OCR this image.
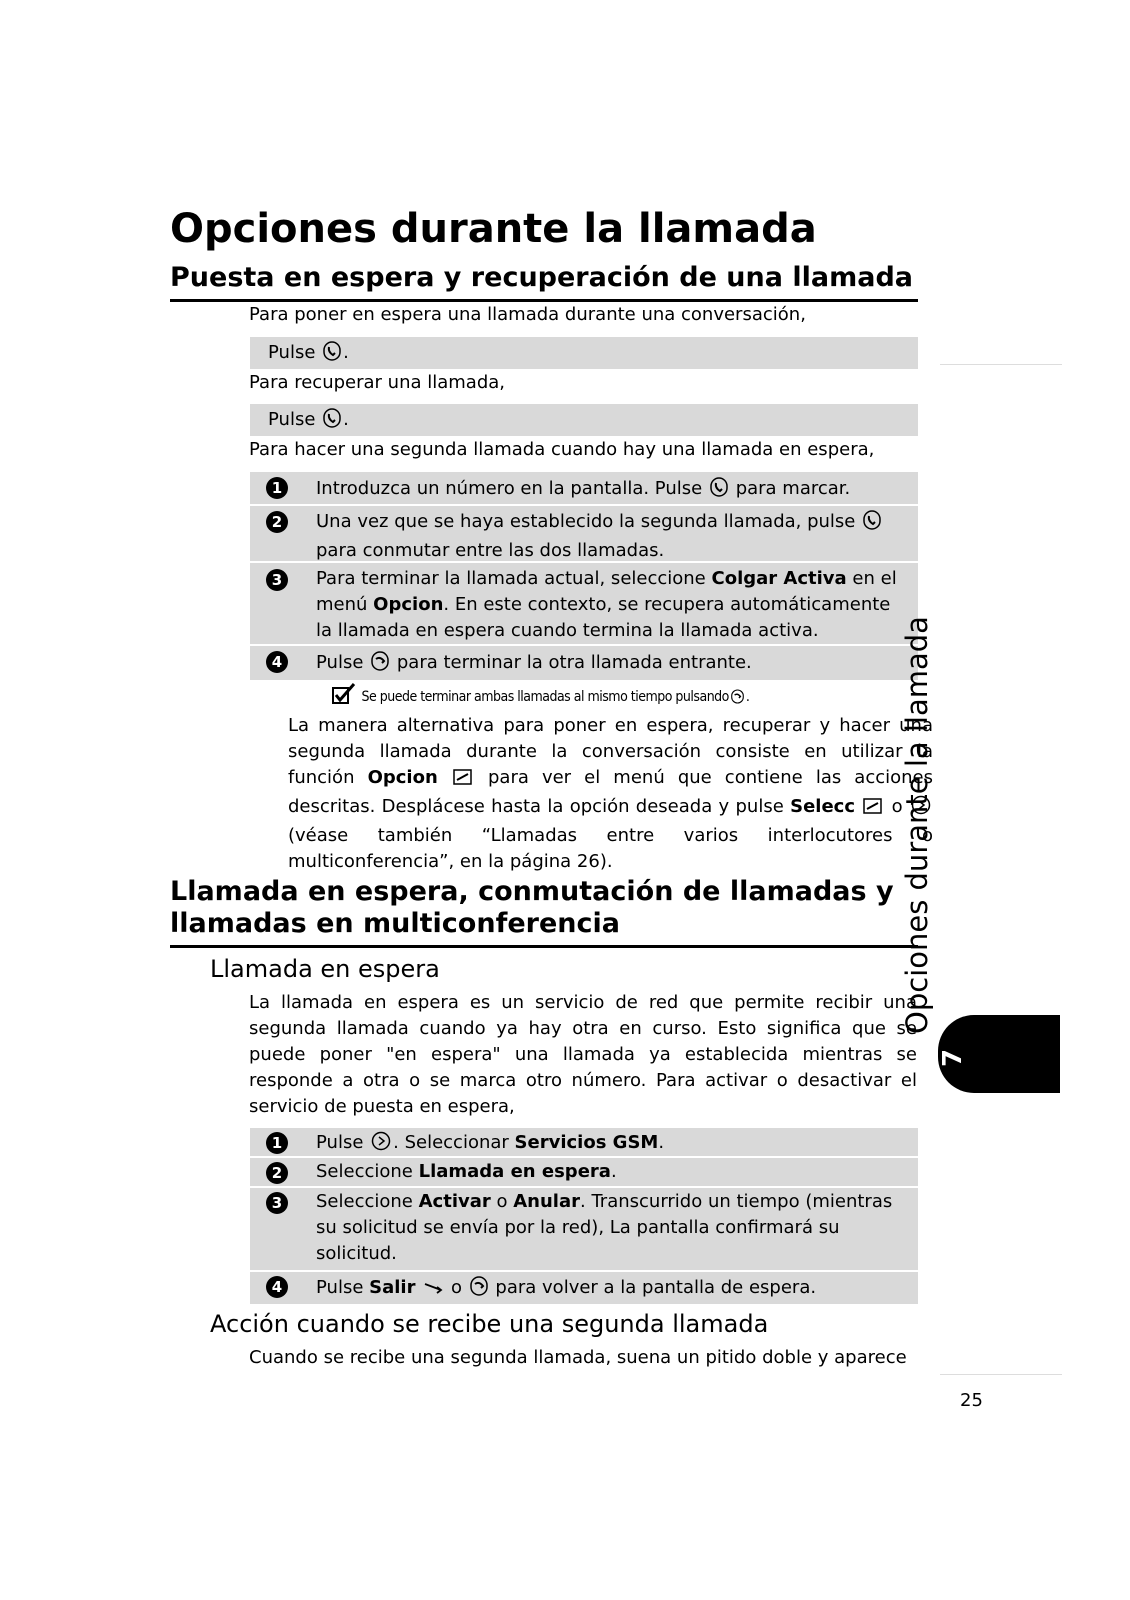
Opciones durante la llamada
Puesta en espera y recuperación de una llamada
Para poner en espera una llamada durante una conversación,
Pulse .
Para recuperar una llamada,
Pulse .
Para hacer una segunda llamada cuando hay una llamada en espera,
1	Introduzca un número en la pantalla. Pulse para marcar.
2	Una vez que se haya establecido la segunda llamada, pulse  para conmutar entre las dos llamadas.
3	Para terminar la llamada actual, seleccione Colgar Activa en el menú Opcion. En este contexto, se recupera automáticamente la llamada en espera cuando termina la llamada activa.
4	Pulse para terminar la otra llamada entrante.
Se puede terminar ambas llamadas al mismo tiempo pulsando .
La manera alternativa para poner en espera, recuperar y hacer una segunda llamada durante la conversación consiste en utilizar la función Opcion	para ver el menú que contiene las acciones descritas. Desplácese hasta la opción deseada y pulse Selecc o  (véase también “Llamadas entre varios interlocutores o multiconferencia”, en la página 26).
Llamada en espera, conmutación de llamadas y llamadas en multiconferencia
Llamada en espera
La llamada en espera es un servicio de red que permite recibir una segunda llamada cuando ya hay otra en curso. Esto significa que se puede poner "en espera" una llamada ya establecida mientras se responde a otra o se marca otro número. Para activar o desactivar el servicio de puesta en espera,
1	Pulse . Seleccionar Servicios GSM.
2	Seleccione Llamada en espera.
3	Seleccione Activar o Anular. Transcurrido un tiempo (mientras su solicitud se envía por la red), La pantalla confirmará su solicitud.
4	Pulse Salir o para volver a la pantalla de espera.
Acción cuando se recibe una segunda llamada
Cuando se recibe una segunda llamada, suena un pitido doble y aparece
Opciones durante la llamada
7
25
